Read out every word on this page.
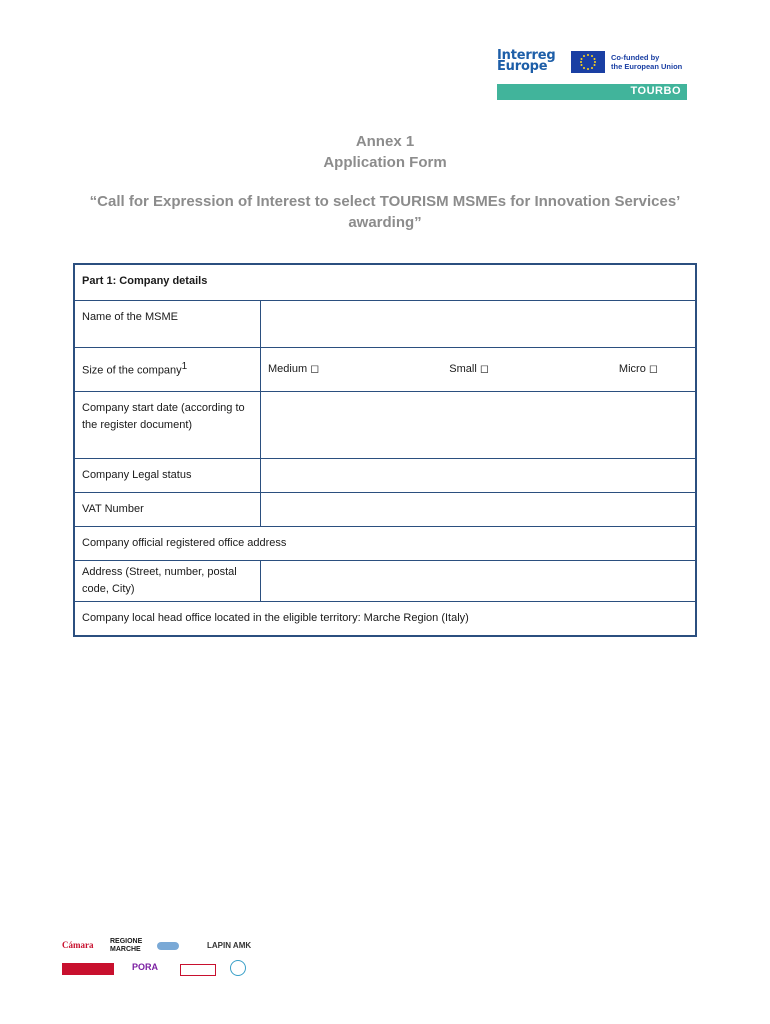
Interreg
Europe
Co-funded by
the European Union
TOURBO
Annex 1
Application Form
“Call for Expression of Interest to select TOURISM MSMEs for Innovation Services’ awarding”
Part 1: Company details	
Name of the MSME	
Size of the company$^1$	Medium ◻ Small ◻ Micro ◻

Company start date (according to the register document)	
Company Legal status	
VAT Number	
Company official registered office address	
Address (Street, number, postal code, City)	
Company local head office located in the eligible territory: Marche Region (Italy)	
Cámara REGIONE MARCHE	LAPIN AMK
PORA
